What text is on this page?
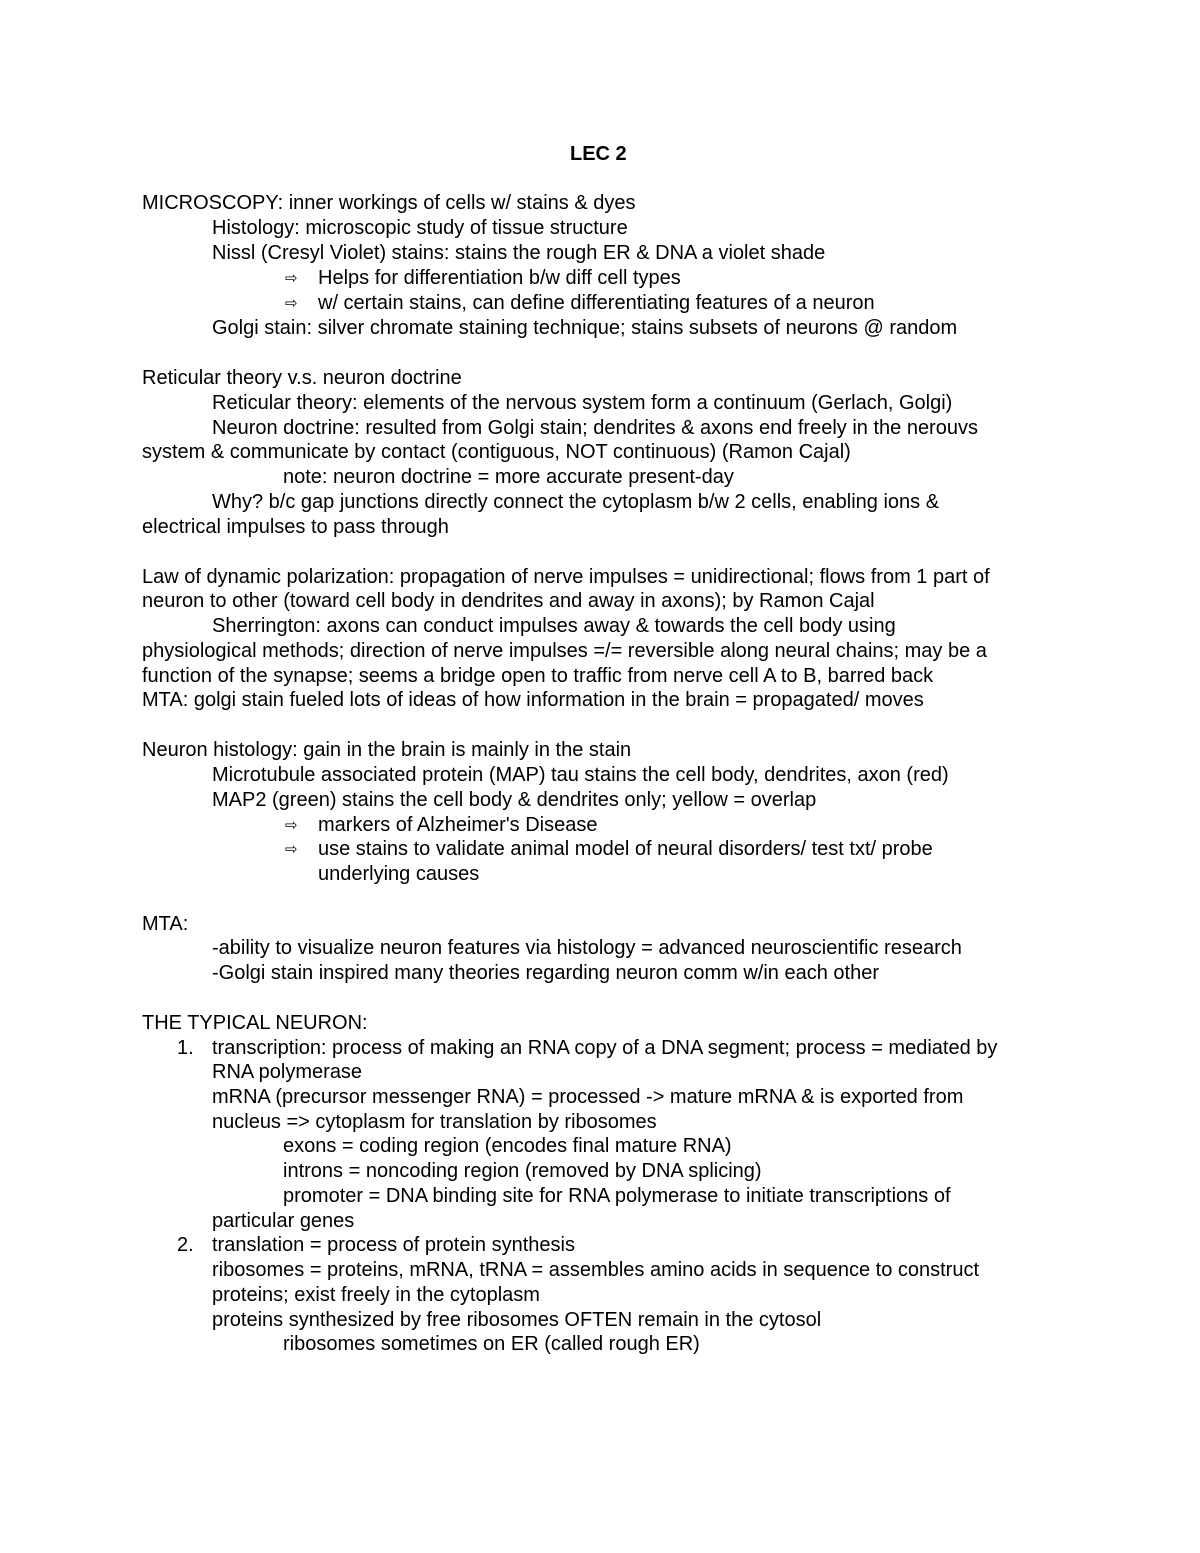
LEC 2
MICROSCOPY: inner workings of cells w/ stains & dyes
Histology: microscopic study of tissue structure
Nissl (Cresyl Violet) stains: stains the rough ER & DNA a violet shade
⇨ Helps for differentiation b/w diff cell types
⇨ w/ certain stains, can define differentiating features of a neuron
Golgi stain: silver chromate staining technique; stains subsets of neurons @ random
Reticular theory v.s. neuron doctrine
Reticular theory: elements of the nervous system form a continuum (Gerlach, Golgi)
Neuron doctrine: resulted from Golgi stain; dendrites & axons end freely in the nerouvs
system & communicate by contact (contiguous, NOT continuous) (Ramon Cajal)
note: neuron doctrine = more accurate present-day
Why? b/c gap junctions directly connect the cytoplasm b/w 2 cells, enabling ions &
electrical impulses to pass through
Law of dynamic polarization: propagation of nerve impulses = unidirectional; flows from 1 part of
neuron to other (toward cell body in dendrites and away in axons); by Ramon Cajal
Sherrington: axons can conduct impulses away & towards the cell body using
physiological methods; direction of nerve impulses =/= reversible along neural chains; may be a
function of the synapse; seems a bridge open to traffic from nerve cell A to B, barred back
MTA: golgi stain fueled lots of ideas of how information in the brain = propagated/ moves
Neuron histology: gain in the brain is mainly in the stain
Microtubule associated protein (MAP) tau stains the cell body, dendrites, axon (red)
MAP2 (green) stains the cell body & dendrites only; yellow = overlap
⇨ markers of Alzheimer's Disease
⇨ use stains to validate animal model of neural disorders/ test txt/ probe
underlying causes
MTA:
-ability to visualize neuron features via histology = advanced neuroscientific research
-Golgi stain inspired many theories regarding neuron comm w/in each other
THE TYPICAL NEURON:
1. transcription: process of making an RNA copy of a DNA segment; process = mediated by
RNA polymerase
mRNA (precursor messenger RNA) = processed -> mature mRNA & is exported from
nucleus => cytoplasm for translation by ribosomes
exons = coding region (encodes final mature RNA)
introns = noncoding region (removed by DNA splicing)
promoter = DNA binding site for RNA polymerase to initiate transcriptions of
particular genes
2. translation = process of protein synthesis
ribosomes = proteins, mRNA, tRNA = assembles amino acids in sequence to construct
proteins; exist freely in the cytoplasm
proteins synthesized by free ribosomes OFTEN remain in the cytosol
ribosomes sometimes on ER (called rough ER)
